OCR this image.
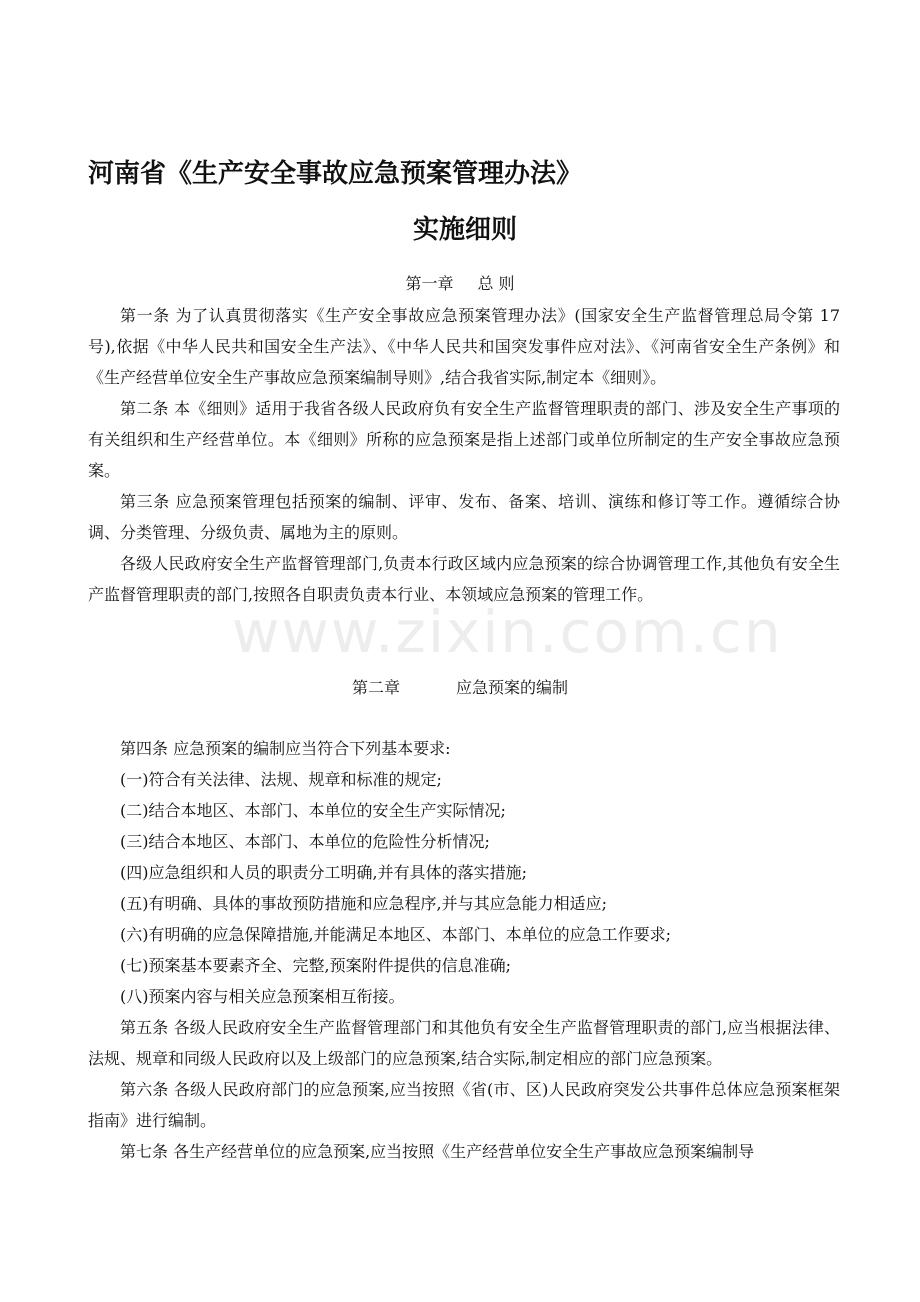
www.zixin.com.cn
河南省《生产安全事故应急预案管理办法》
实施细则
第一章 总 则

第一条 为了认真贯彻落实《生产安全事故应急预案管理办法》(国家安全生产监督管理总局令第 17 号),依据《中华人民共和国安全生产法》、《中华人民共和国突发事件应对法》、《河南省安全生产条例》和《生产经营单位安全生产事故应急预案编制导则》,结合我省实际,制定本《细则》。

第二条 本《细则》适用于我省各级人民政府负有安全生产监督管理职责的部门、涉及安全生产事项的有关组织和生产经营单位。本《细则》所称的应急预案是指上述部门或单位所制定的生产安全事故应急预案。

第三条 应急预案管理包括预案的编制、评审、发布、备案、培训、演练和修订等工作。遵循综合协调、分类管理、分级负责、属地为主的原则。

各级人民政府安全生产监督管理部门,负责本行政区域内应急预案的综合协调管理工作,其他负有安全生产监督管理职责的部门,按照各自职责负责本行业、本领域应急预案的管理工作。

第二章	应急预案的编制

第四条 应急预案的编制应当符合下列基本要求:

(一)符合有关法律、法规、规章和标准的规定;

(二)结合本地区、本部门、本单位的安全生产实际情况;

(三)结合本地区、本部门、本单位的危险性分析情况;

(四)应急组织和人员的职责分工明确,并有具体的落实措施;

(五)有明确、具体的事故预防措施和应急程序,并与其应急能力相适应;

(六)有明确的应急保障措施,并能满足本地区、本部门、本单位的应急工作要求;

(七)预案基本要素齐全、完整,预案附件提供的信息准确;

(八)预案内容与相关应急预案相互衔接。

第五条 各级人民政府安全生产监督管理部门和其他负有安全生产监督管理职责的部门,应当根据法律、法规、规章和同级人民政府以及上级部门的应急预案,结合实际,制定相应的部门应急预案。

第六条 各级人民政府部门的应急预案,应当按照《省(市、区)人民政府突发公共事件总体应急预案框架指南》进行编制。

第七条 各生产经营单位的应急预案,应当按照《生产经营单位安全生产事故应急预案编制导
